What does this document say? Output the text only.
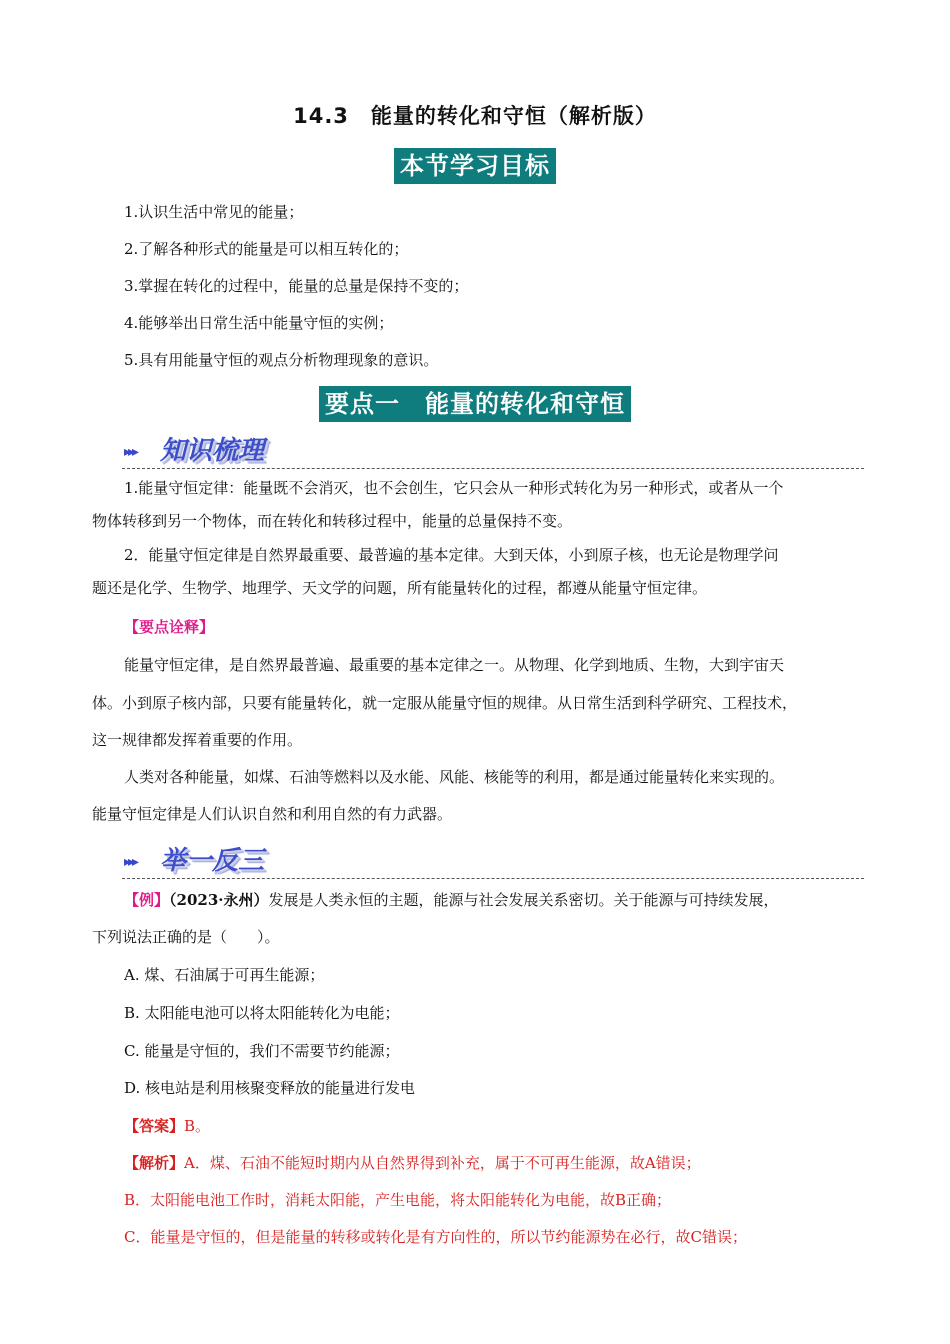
14.3　能量的转化和守恒（解析版）
本节学习目标
1.认识生活中常见的能量；
2.了解各种形式的能量是可以相互转化的；
3.掌握在转化的过程中，能量的总量是保持不变的；
4.能够举出日常生活中能量守恒的实例；
5.具有用能量守恒的观点分析物理现象的意识。
要点一　能量的转化和守恒
▸▸▸ 知识梳理
1.能量守恒定律：能量既不会消灭，也不会创生，它只会从一种形式转化为另一种形式，或者从一个
物体转移到另一个物体，而在转化和转移过程中，能量的总量保持不变。
2．能量守恒定律是自然界最重要、最普遍的基本定律。大到天体，小到原子核，也无论是物理学问
题还是化学、生物学、地理学、天文学的问题，所有能量转化的过程，都遵从能量守恒定律。
【要点诠释】
能量守恒定律，是自然界最普遍、最重要的基本定律之一。从物理、化学到地质、生物，大到宇宙天
体。小到原子核内部，只要有能量转化，就一定服从能量守恒的规律。从日常生活到科学研究、工程技术，
这一规律都发挥着重要的作用。
人类对各种能量，如煤、石油等燃料以及水能、风能、核能等的利用，都是通过能量转化来实现的。
能量守恒定律是人们认识自然和利用自然的有力武器。
▸▸▸ 举一反三
【例】（2023·永州）发展是人类永恒的主题，能源与社会发展关系密切。关于能源与可持续发展，
下列说法正确的是（　　）。
A. 煤、石油属于可再生能源；
B. 太阳能电池可以将太阳能转化为电能；
C. 能量是守恒的，我们不需要节约能源；
D. 核电站是利用核聚变释放的能量进行发电
【答案】B。
【解析】A．煤、石油不能短时期内从自然界得到补充，属于不可再生能源，故A错误；
B．太阳能电池工作时，消耗太阳能，产生电能，将太阳能转化为电能，故B正确；
C．能量是守恒的，但是能量的转移或转化是有方向性的，所以节约能源势在必行，故C错误；
